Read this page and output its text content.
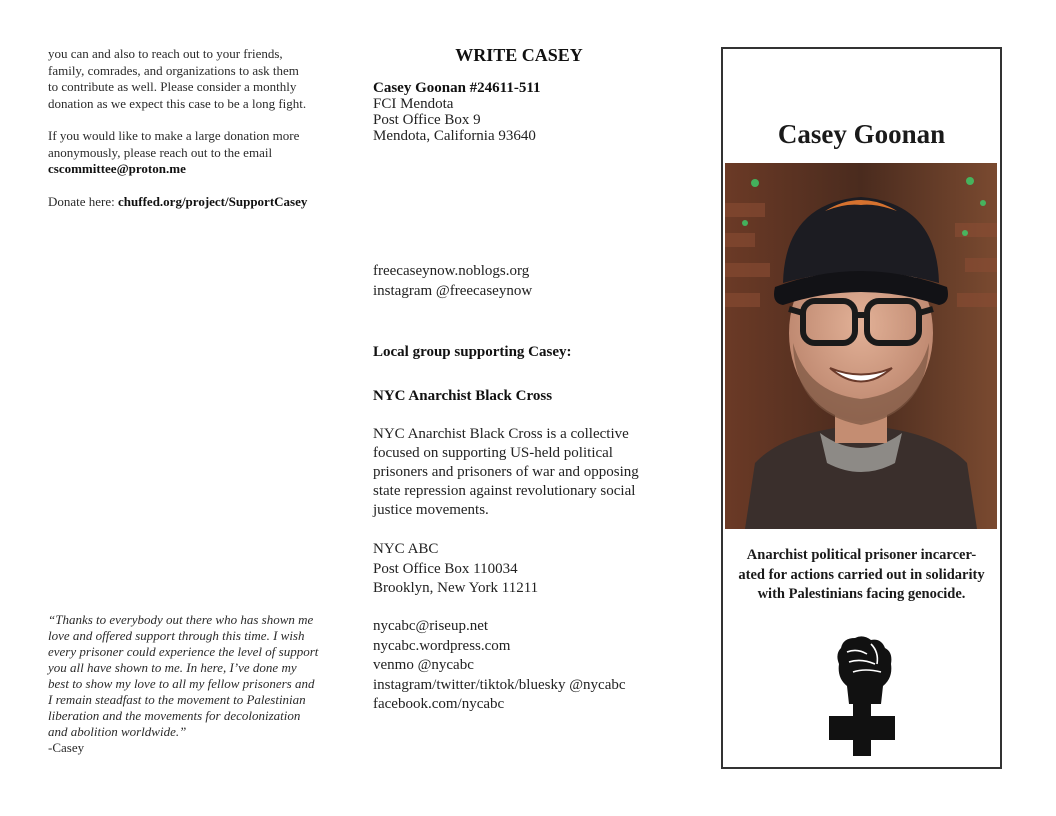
you can and also to reach out to your friends,

family, comrades, and organizations to ask them

to contribute as well. Please consider a monthly

donation as we expect this case to be a long fight.

If you would like to make a large donation more

anonymously, please reach out to the email

cscommittee@proton.me

Donate here: chuffed.org/project/SupportCasey

“Thanks to everybody out there who has shown me
love and offered support through this time. I wish
every prisoner could experience the level of support
you all have shown to me. In here, I’ve done my
best to show my love to all my fellow prisoners and
I remain steadfast to the movement to Palestinian
liberation and the movements for decolonization
and abolition worldwide.”
-Casey
WRITE CASEY
Casey Goonan #24611-511
FCI Mendota
Post Office Box 9
Mendota, California 93640
freecaseynow.noblogs.org
instagram @freecaseynow
Local group supporting Casey:
NYC Anarchist Black Cross
NYC Anarchist Black Cross is a collective
focused on supporting US-held political
prisoners and prisoners of war and opposing
state repression against revolutionary social
justice movements.
NYC ABC
Post Office Box 110034
Brooklyn, New York 11211
nycabc@riseup.net
nycabc.wordpress.com
venmo @nycabc
instagram/twitter/tiktok/bluesky @nycabc
facebook.com/nycabc
Casey Goonan
Anarchist political prisoner incarcer-
ated for actions carried out in solidarity
with Palestinians facing genocide.
